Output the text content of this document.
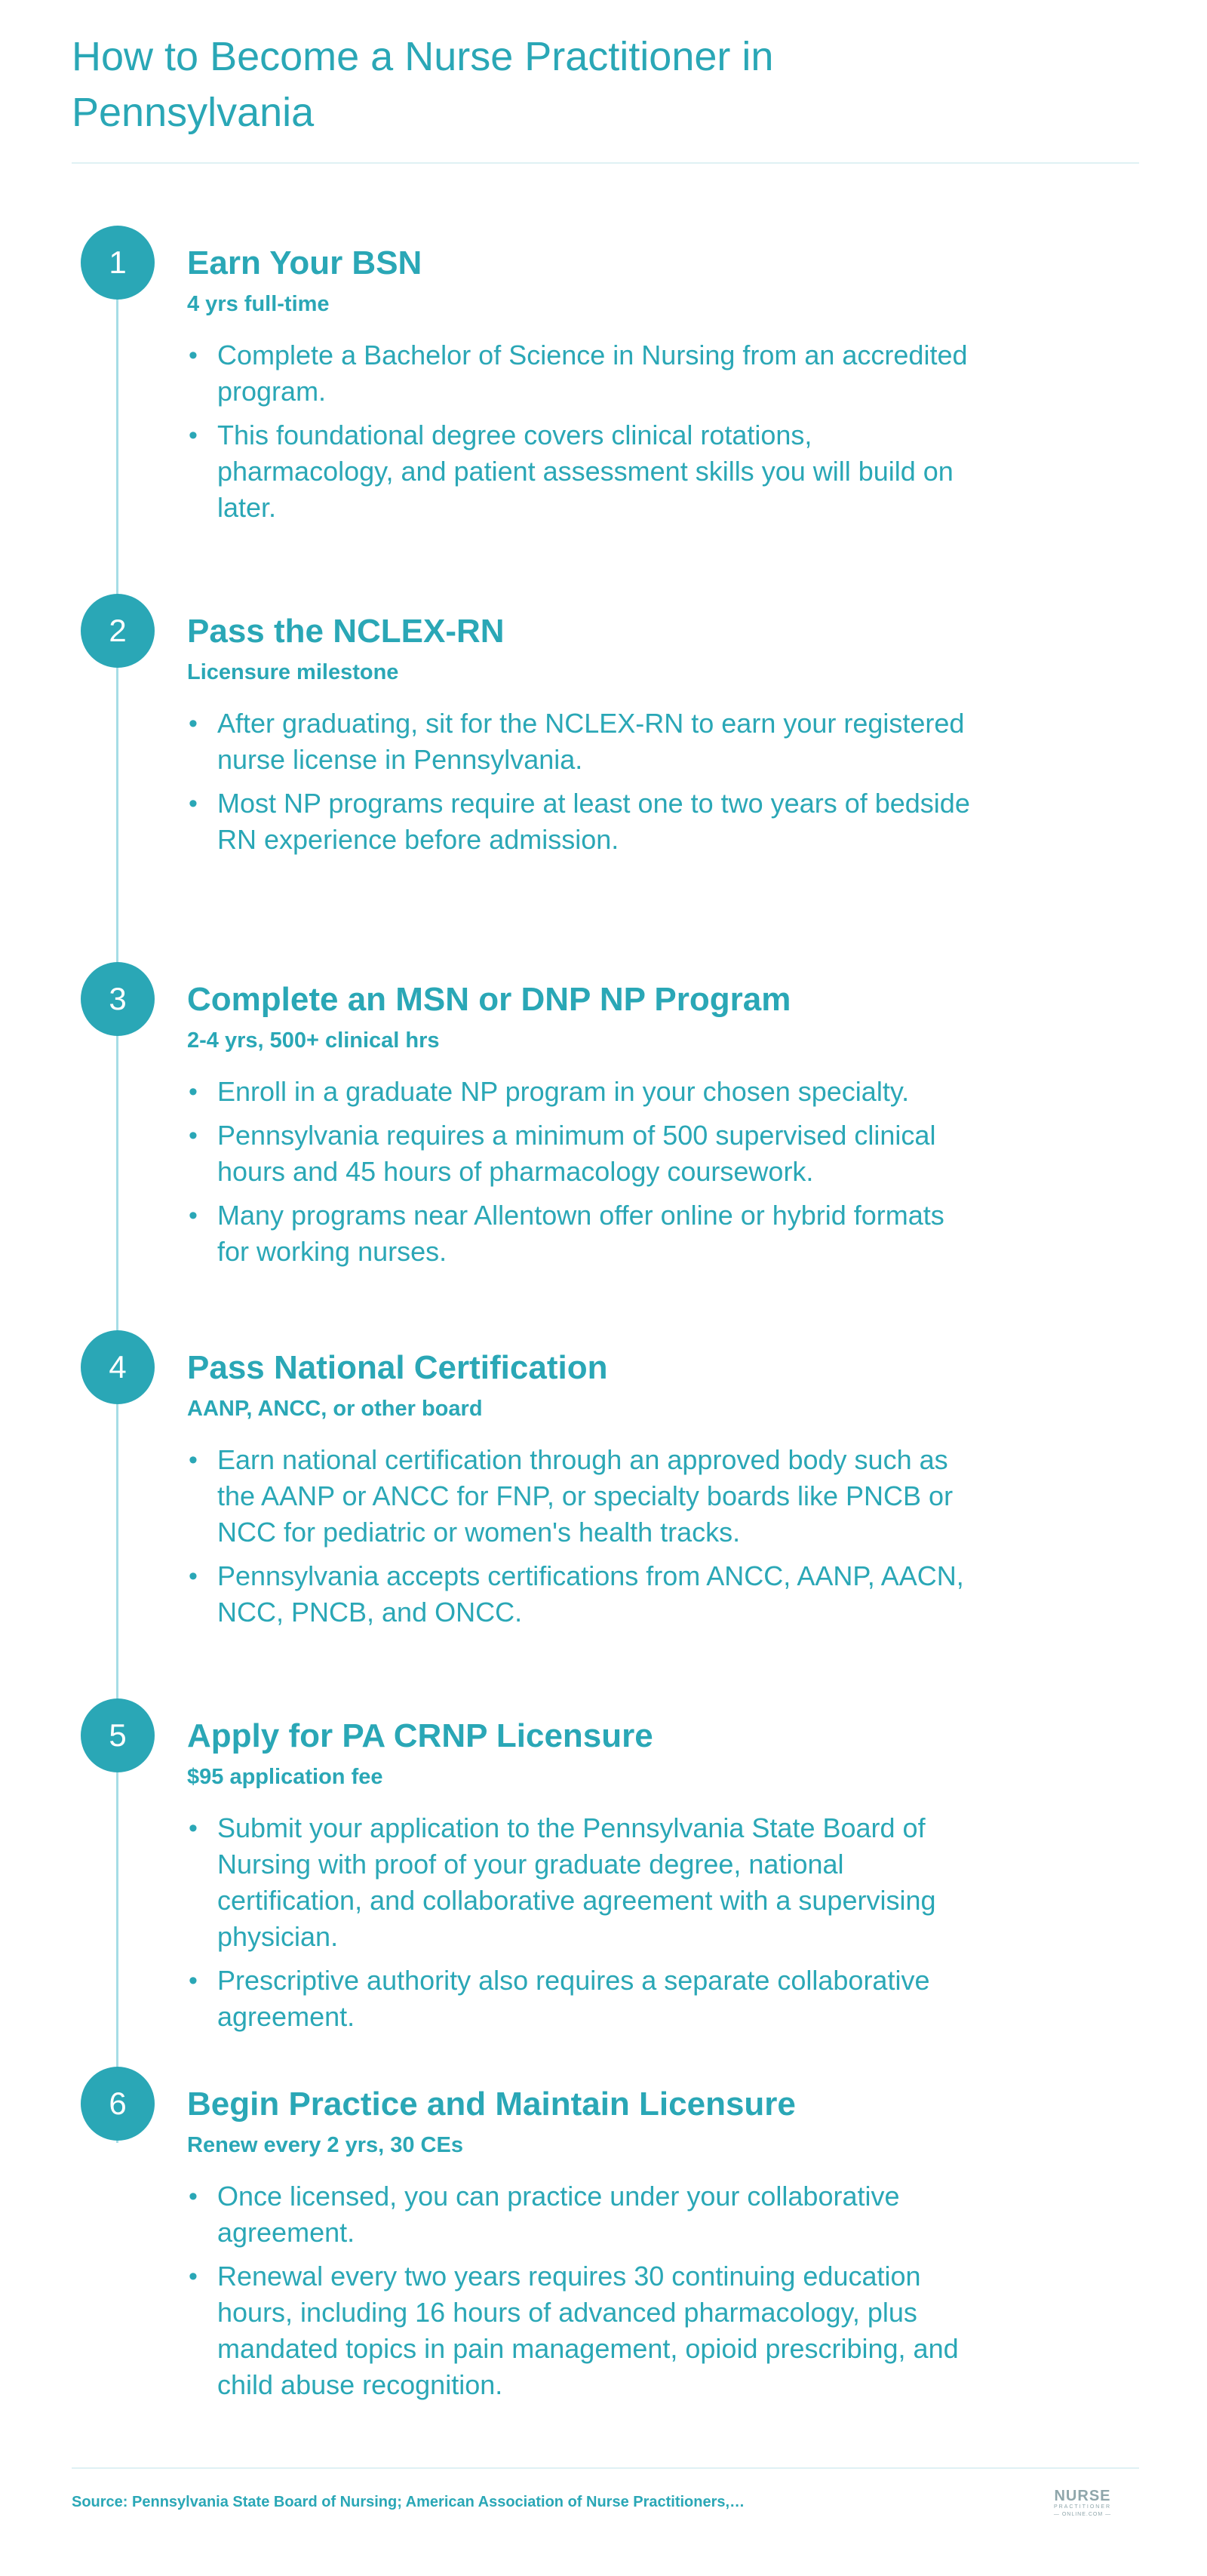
How to Become a Nurse Practitioner in Pennsylvania
1	Earn Your BSN
4 yrs full-time
• Complete a Bachelor of Science in Nursing from an accredited program.
• This foundational degree covers clinical rotations, pharmacology, and patient assessment skills you will build on later.
2	Pass the NCLEX-RN
Licensure milestone
• After graduating, sit for the NCLEX-RN to earn your registered nurse license in Pennsylvania.
• Most NP programs require at least one to two years of bedside RN experience before admission.
3	Complete an MSN or DNP NP Program
2-4 yrs, 500+ clinical hrs
• Enroll in a graduate NP program in your chosen specialty.
• Pennsylvania requires a minimum of 500 supervised clinical hours and 45 hours of pharmacology coursework.
• Many programs near Allentown offer online or hybrid formats for working nurses.
4	Pass National Certification
AANP, ANCC, or other board
• Earn national certification through an approved body such as the AANP or ANCC for FNP, or specialty boards like PNCB or NCC for pediatric or women's health tracks.
• Pennsylvania accepts certifications from ANCC, AANP, AACN, NCC, PNCB, and ONCC.
5	Apply for PA CRNP Licensure
$95 application fee
• Submit your application to the Pennsylvania State Board of Nursing with proof of your graduate degree, national certification, and collaborative agreement with a supervising physician.
• Prescriptive authority also requires a separate collaborative agreement.
6	Begin Practice and Maintain Licensure
Renew every 2 yrs, 30 CEs
• Once licensed, you can practice under your collaborative agreement.
• Renewal every two years requires 30 continuing education hours, including 16 hours of advanced pharmacology, plus mandated topics in pain management, opioid prescribing, and child abuse recognition.
Source: Pennsylvania State Board of Nursing; American Association of Nurse Practitioners,…	NURSE
PRACTITIONER
— ONLINE.COM —
